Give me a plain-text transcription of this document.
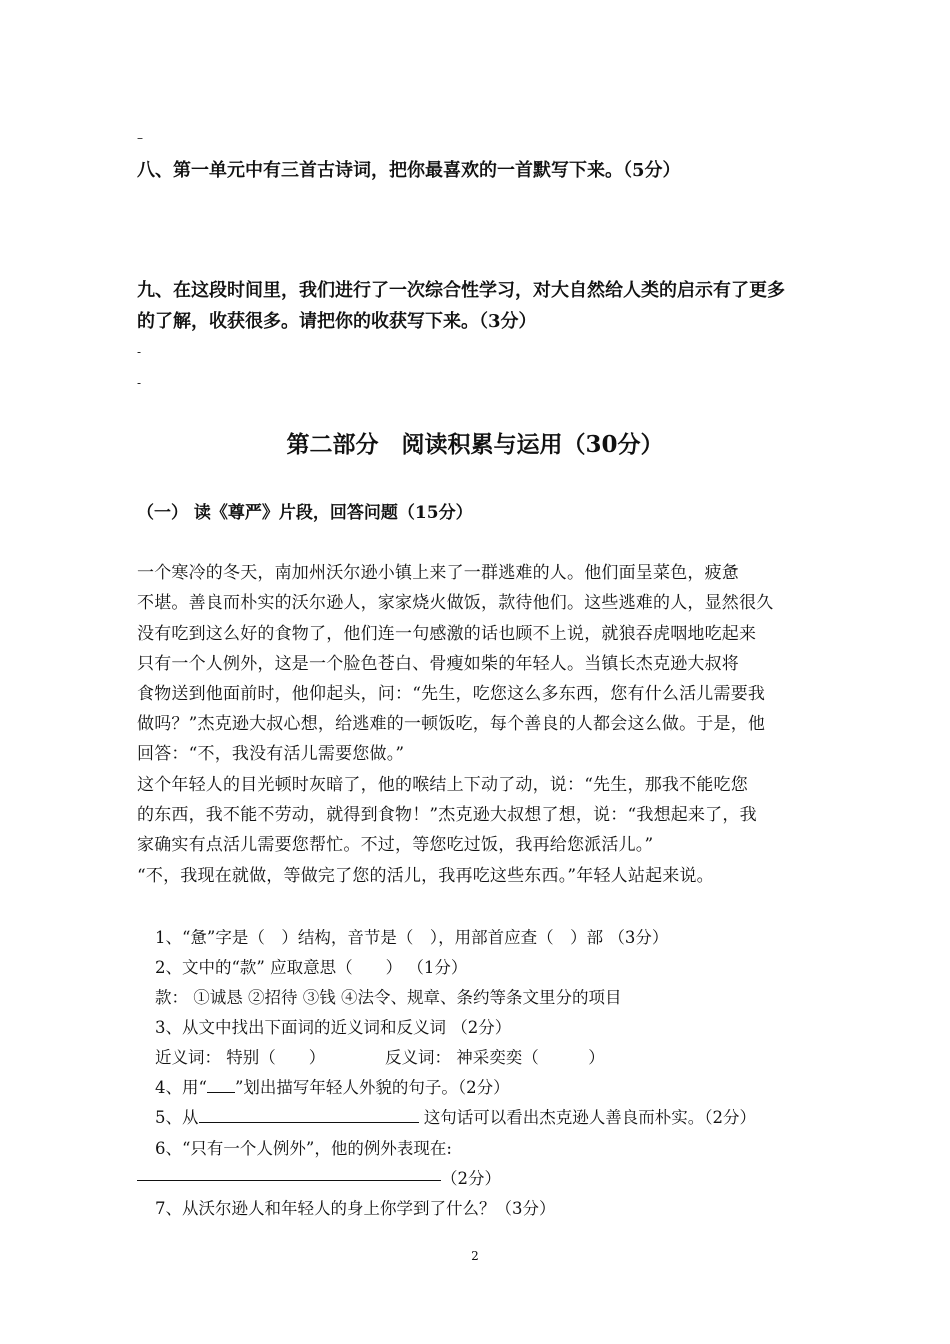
–
八、第一单元中有三首古诗词，把你最喜欢的一首默写下来。（5分）
九、在这段时间里，我们进行了一次综合性学习，对大自然给人类的启示有了更多
的了解，收获很多。请把你的收获写下来。（3分）
-
-
第二部分　阅读积累与运用（30分）
（一） 读《尊严》片段，回答问题（15分）
一个寒冷的冬天，南加州沃尔逊小镇上来了一群逃难的人。他们面呈菜色，疲惫
不堪。善良而朴实的沃尔逊人，家家烧火做饭，款待他们。这些逃难的人，显然很久
没有吃到这么好的食物了，他们连一句感激的话也顾不上说，就狼吞虎咽地吃起来
只有一个人例外，这是一个脸色苍白、骨瘦如柴的年轻人。当镇长杰克逊大叔将
食物送到他面前时，他仰起头，问：“先生，吃您这么多东西，您有什么活儿需要我
做吗？”杰克逊大叔心想，给逃难的一顿饭吃，每个善良的人都会这么做。于是，他
回答：“不，我没有活儿需要您做。”
这个年轻人的目光顿时灰暗了，他的喉结上下动了动，说：“先生，那我不能吃您
的东西，我不能不劳动，就得到食物！”杰克逊大叔想了想，说：“我想起来了，我
家确实有点活儿需要您帮忙。不过，等您吃过饭，我再给您派活儿。”
“不，我现在就做，等做完了您的活儿，我再吃这些东西。”年轻人站起来说。
1、“惫”字是（　）结构，音节是（　），用部首应查（　）部 （3分）
2、文中的“款” 应取意思（　　） （1分）
款： ①诚恳 ②招待 ③钱 ④法令、规章、条约等条文里分的项目
3、从文中找出下面词的近义词和反义词 （2分）
近义词： 特别（　　）	反义词： 神采奕奕（　　　）
4、用“ ”划出描写年轻人外貌的句子。（2分）
5、从	这句话可以看出杰克逊人善良而朴实。（2分）
6、“只有一个人例外”，他的例外表现在:
（2分）
7、从沃尔逊人和年轻人的身上你学到了什么？（3分）
2
